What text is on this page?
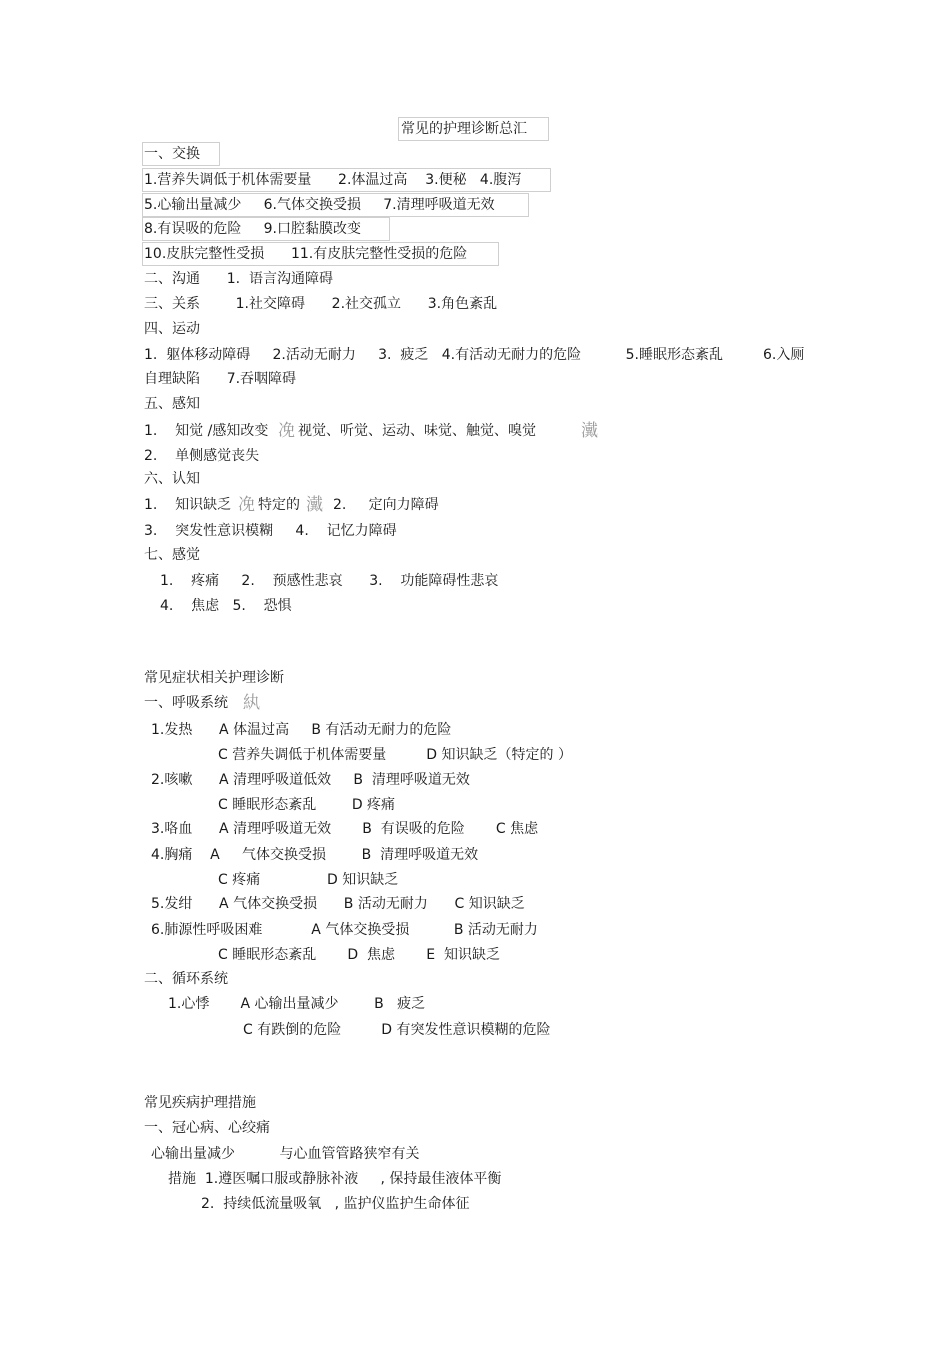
常见的护理诊断总汇
一、交换
1.营养失调低于机体需要量      2.体温过高    3.便秘   4.腹泻
5.心输出量减少     6.气体交换受损     7.清理呼吸道无效
8.有误吸的危险     9.口腔黏膜改变
10.皮肤完整性受损      11.有皮肤完整性受损的危险
二、沟通      1.  语言沟通障碍
三、关系        1.社交障碍      2.社交孤立      3.角色紊乱
四、运动
1.  躯体移动障碍     2.活动无耐力     3.  疲乏   4.有活动无耐力的危险          5.睡眠形态紊乱         6.入厕
自理缺陷      7.吞咽障碍
五、感知
1.    知觉 /感知改变 凂 视觉、听觉、运动、味觉、触觉、嗅觉	瀻
2.    单侧感觉丧失
六、认知
1.    知识缺乏 凂 特定的 瀻 2.     定向力障碍
3.    突发性意识模糊     4.    记忆力障碍
七、感觉
1.    疼痛     2.    预感性悲哀      3.    功能障碍性悲哀
4.    焦虑   5.    恐惧
常见症状相关护理诊断
一、呼吸系统 紈
1.发热      A 体温过高     B 有活动无耐力的危险
C 营养失调低于机体需要量         D 知识缺乏（特定的 ）
2.咳嗽      A 清理呼吸道低效     B  清理呼吸道无效
C 睡眠形态紊乱        D 疼痛
3.咯血      A 清理呼吸道无效       B  有误吸的危险       C 焦虑
4.胸痛    A     气体交换受损        B  清理呼吸道无效
C 疼痛               D 知识缺乏
5.发绀      A 气体交换受损      B 活动无耐力      C 知识缺乏
6.肺源性呼吸困难           A 气体交换受损          B 活动无耐力
C 睡眠形态紊乱       D  焦虑       E  知识缺乏
二、循环系统
1.心悸       A 心输出量减少        B   疲乏
C 有跌倒的危险         D 有突发性意识模糊的危险
常见疾病护理措施
一、冠心病、心绞痛
心输出量减少          与心血管管路狭窄有关
措施  1.遵医嘱口服或静脉补液     , 保持最佳液体平衡
2.  持续低流量吸氧   , 监护仪监护生命体征
